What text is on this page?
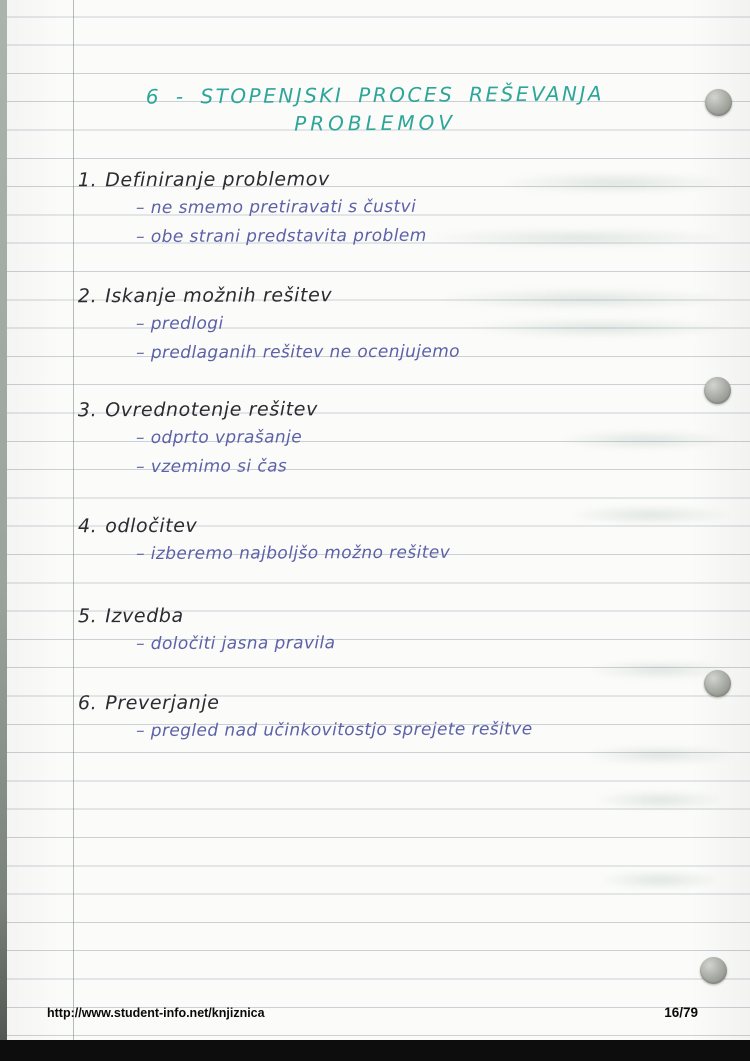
6 - STOPENJSKI PROCES REŠEVANJA
PROBLEMOV
1. Definiranje problemov
– ne smemo pretiravati s čustvi
– obe strani predstavita problem
2. Iskanje možnih rešitev
– predlogi
– predlaganih rešitev ne ocenjujemo
3. Ovrednotenje rešitev
– odprto vprašanje
– vzemimo si čas
4. odločitev
– izberemo najboljšo možno rešitev
5. Izvedba
– določiti jasna pravila
6. Preverjanje
– pregled nad učinkovitostjo sprejete rešitve
http://www.student-info.net/knjiznica	16/79
